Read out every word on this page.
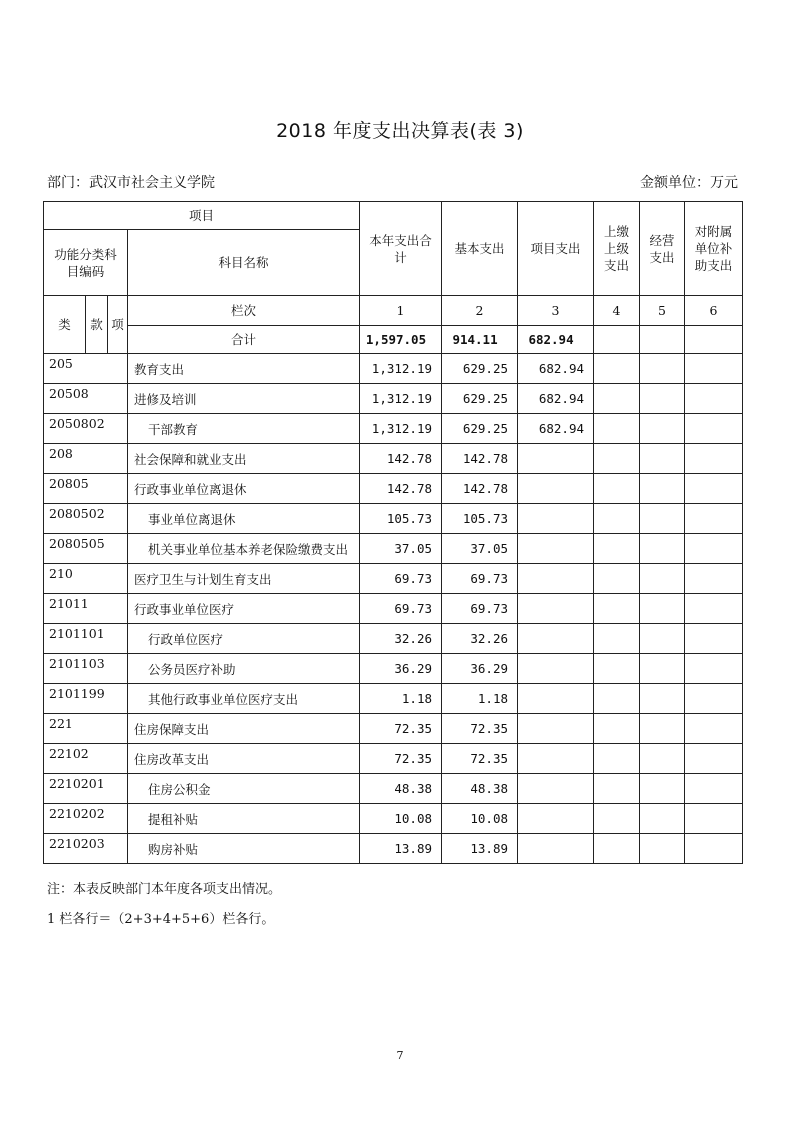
2018 年度支出决算表(表 3)
部门：武汉市社会主义学院	金额单位：万元
项目				本年支出合计	基本支出	项目支出	上缴上级支出	经营支出	对附属单位补助支出
功能分类科目编码			科目名称						
类	款	项	栏次	1	2	3	4	5	6
			合计	1,597.05	914.11	682.94			
205			教育支出	1,312.19	629.25	682.94			
20508			进修及培训	1,312.19	629.25	682.94			
2050802			干部教育	1,312.19	629.25	682.94			
208			社会保障和就业支出	142.78	142.78				
20805			行政事业单位离退休	142.78	142.78				
2080502			事业单位离退休	105.73	105.73				
2080505			机关事业单位基本养老保险缴费支出	37.05	37.05				
210			医疗卫生与计划生育支出	69.73	69.73				
21011			行政事业单位医疗	69.73	69.73				
2101101			行政单位医疗	32.26	32.26				
2101103			公务员医疗补助	36.29	36.29				
2101199			其他行政事业单位医疗支出	1.18	1.18				
221			住房保障支出	72.35	72.35				
22102			住房改革支出	72.35	72.35				
2210201			住房公积金	48.38	48.38				
2210202			提租补贴	10.08	10.08				
2210203			购房补贴	13.89	13.89				
注：本表反映部门本年度各项支出情况。
1 栏各行＝（2+3+4+5+6）栏各行。
7
